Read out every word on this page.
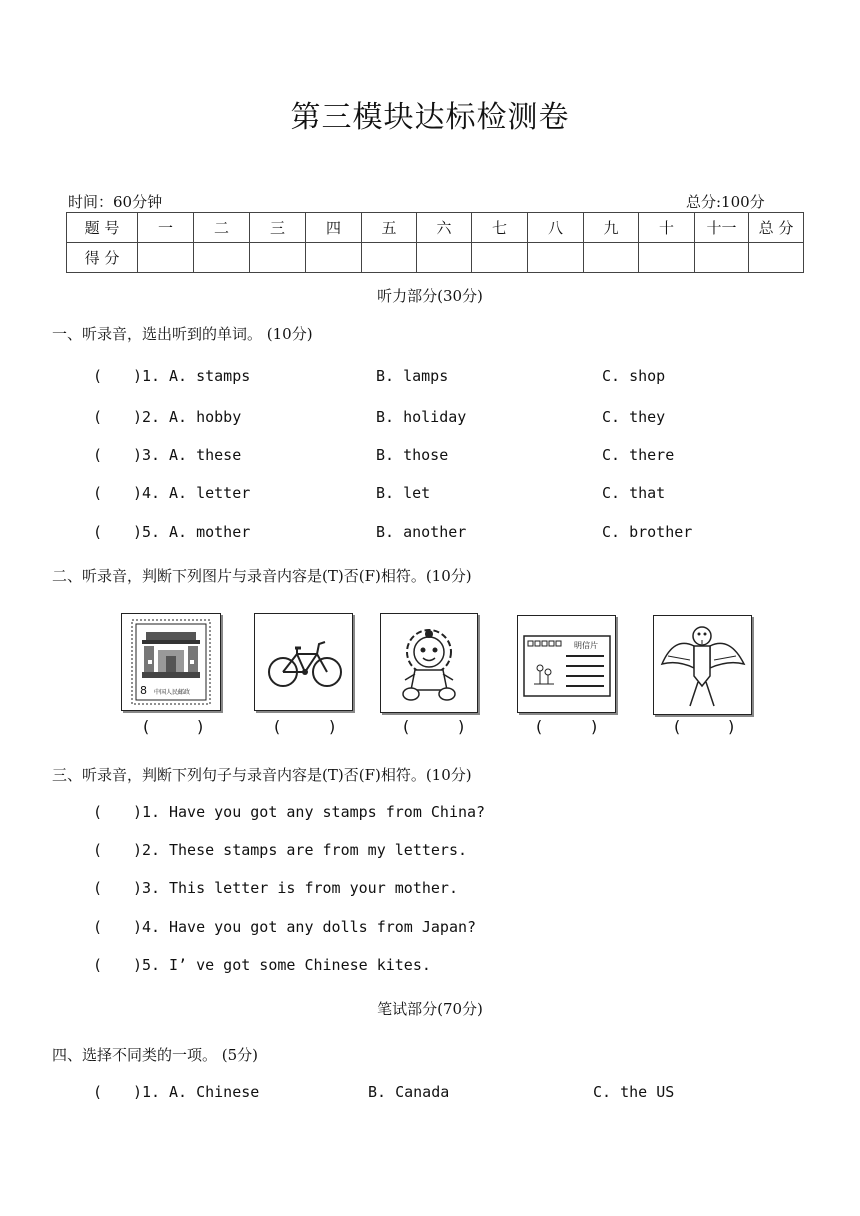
第三模块达标检测卷
时间：60分钟	总分:100分
题 号	一	二	三	四	五	六	七	八	九	十	十一	总 分
得 分												
听力部分(30分)
一、听录音，选出听到的单词。 (10分)
( )1. A. stamps	B. lamps	C. shop
( )2. A. hobby	B. holiday	C. they
( )3. A. these	B. those	C. there
( )4. A. letter	B. let	C. that
( )5. A. mother	B. another	C. brother
二、听录音，判断下列图片与录音内容是(T)否(F)相符。(10分)
8 中国人民邮政
明信片
(	)	(	)	(	)	(	)	(	)
三、听录音，判断下列句子与录音内容是(T)否(F)相符。(10分)
( )1. Have you got any stamps from China?
( )2. These stamps are from my letters.
( )3. This letter is from your mother.
( )4. Have you got any dolls from Japan?
( )5. I’ ve got some Chinese kites.
笔试部分(70分)
四、选择不同类的一项。 (5分)
( )1. A. Chinese	B. Canada	C. the US
